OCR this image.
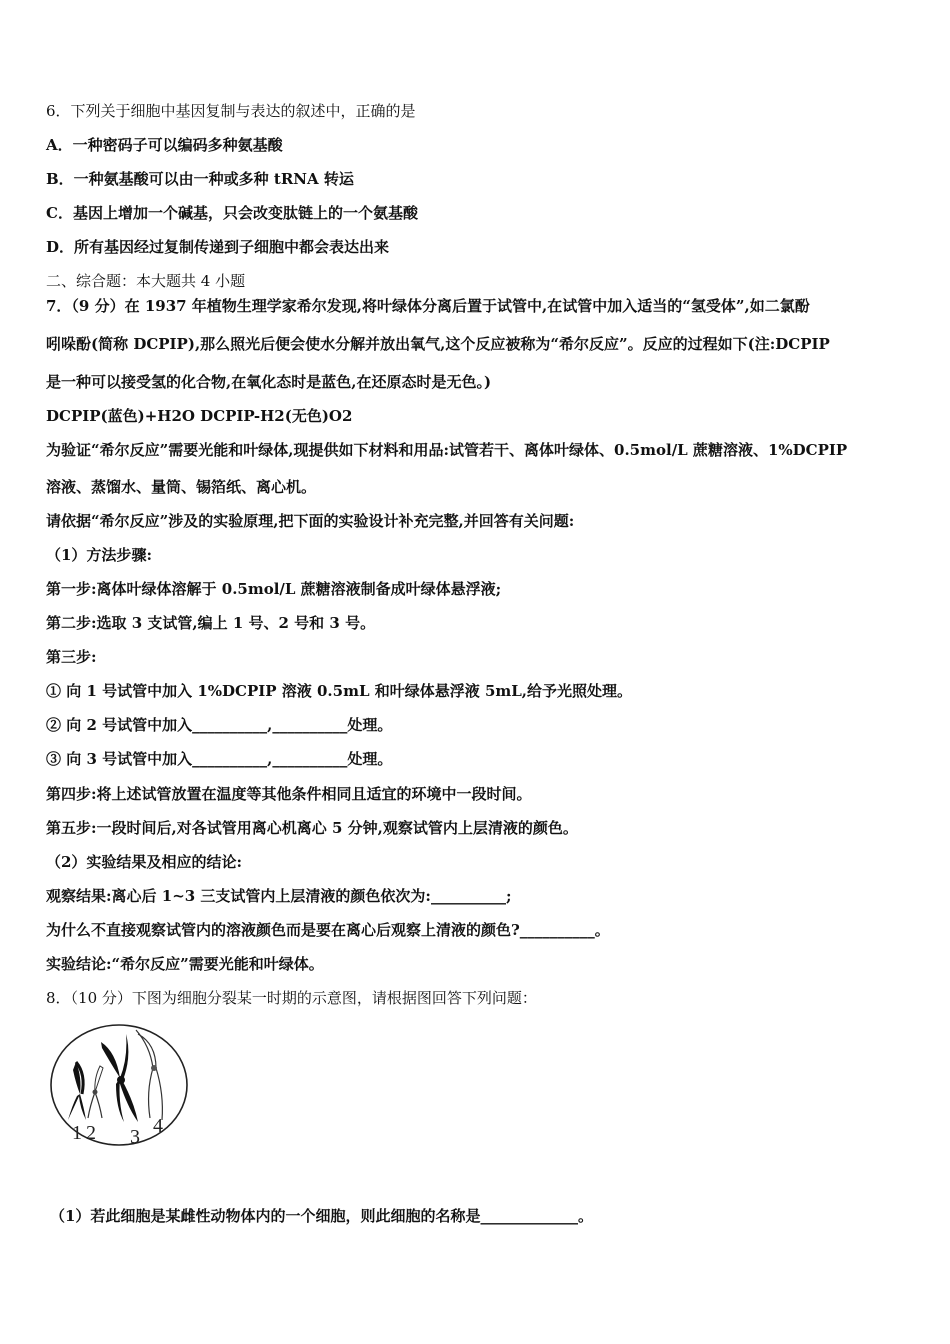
6．下列关于细胞中基因复制与表达的叙述中，正确的是
A．一种密码子可以编码多种氨基酸
B．一种氨基酸可以由一种或多种 tRNA 转运
C．基因上增加一个碱基，只会改变肽链上的一个氨基酸
D．所有基因经过复制传递到子细胞中都会表达出来
二、综合题：本大题共 4 小题
7．（9 分）在 1937 年植物生理学家希尔发现,将叶绿体分离后置于试管中,在试管中加入适当的“氢受体”,如二氯酚
吲哚酚(简称 DCPIP),那么照光后便会使水分解并放出氧气,这个反应被称为“希尔反应”。反应的过程如下(注:DCPIP
是一种可以接受氢的化合物,在氧化态时是蓝色,在还原态时是无色。)
DCPIP(蓝色)+H2O DCPIP-H2(无色)O2
为验证“希尔反应”需要光能和叶绿体,现提供如下材料和用品:试管若干、离体叶绿体、0.5mol/L 蔗糖溶液、1%DCPIP
溶液、蒸馏水、量筒、锡箔纸、离心机。
请依据“希尔反应”涉及的实验原理,把下面的实验设计补充完整,并回答有关问题:
（1）方法步骤:
第一步:离体叶绿体溶解于 0.5mol/L 蔗糖溶液制备成叶绿体悬浮液;
第二步:选取 3 支试管,编上 1 号、2 号和 3 号。
第三步:
① 向 1 号试管中加入 1%DCPIP 溶液 0.5mL 和叶绿体悬浮液 5mL,给予光照处理。
② 向 2 号试管中加入__________,__________处理。
③ 向 3 号试管中加入__________,__________处理。
第四步:将上述试管放置在温度等其他条件相同且适宜的环境中一段时间。
第五步:一段时间后,对各试管用离心机离心 5 分钟,观察试管内上层清液的颜色。
（2）实验结果及相应的结论:
观察结果:离心后 1~3 三支试管内上层清液的颜色依次为:__________;
为什么不直接观察试管内的溶液颜色而是要在离心后观察上清液的颜色?__________。
实验结论:“希尔反应”需要光能和叶绿体。
8．（10 分）下图为细胞分裂某一时期的示意图，请根据图回答下列问题：
1 2 3 4
（1）若此细胞是某雌性动物体内的一个细胞，则此细胞的名称是_____________。
